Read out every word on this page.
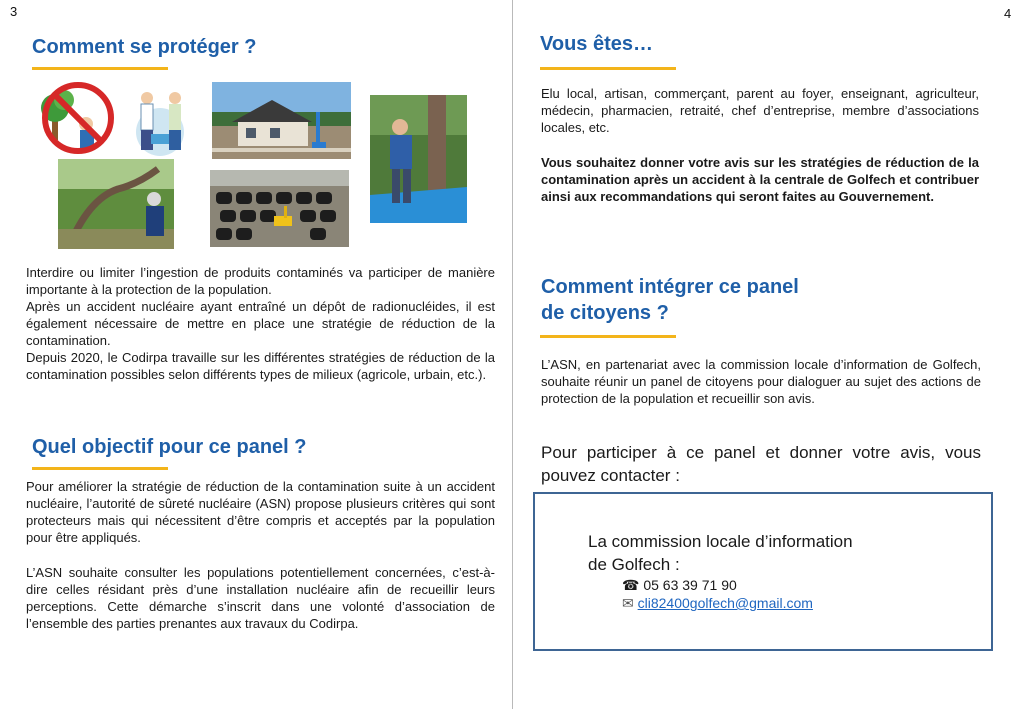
3	4
Comment se protéger ?

Interdire ou limiter l’ingestion de produits contaminés va participer de manière importante à la protection de la population.

Après un accident nucléaire ayant entraîné un dépôt de radionucléides, il est également nécessaire de mettre en place une stratégie de réduction de la contamination.

Depuis 2020, le Codirpa travaille sur les différentes stratégies de réduction de la contamination possibles selon différents types de milieux (agricole, urbain, etc.).

Quel objectif pour ce panel ?

Pour améliorer la stratégie de réduction de la contamination suite à un accident nucléaire, l’autorité de sûreté nucléaire (ASN) propose plusieurs critères qui sont protecteurs mais qui nécessitent d’être compris et acceptés par la population pour être appliqués.

L’ASN souhaite consulter les populations potentiellement concernées, c’est-à-dire celles résidant près d’une installation nucléaire afin de recueillir leurs perceptions. Cette démarche s’inscrit dans une volonté d’association de l’ensemble des parties prenantes aux travaux du Codirpa.

Vous êtes…

Elu local, artisan, commerçant, parent au foyer, enseignant, agriculteur, médecin, pharmacien, retraité, chef d’entreprise, membre d’associations locales, etc.

Vous souhaitez donner votre avis sur les stratégies de réduction de la contamination après un accident à la centrale de Golfech et contribuer ainsi aux recommandations qui seront faites au Gouvernement.

Comment intégrer ce panel
de citoyens ?

L’ASN, en partenariat avec la commission locale d’information de Golfech, souhaite réunir un panel de citoyens pour dialoguer au sujet des actions de protection de la population et recueillir son avis.

Pour participer à ce panel et donner votre avis, vous pouvez contacter :

La commission locale d’information
de Golfech :
☎ 05 63 39 71 90
✉ cli82400golfech@gmail.com
